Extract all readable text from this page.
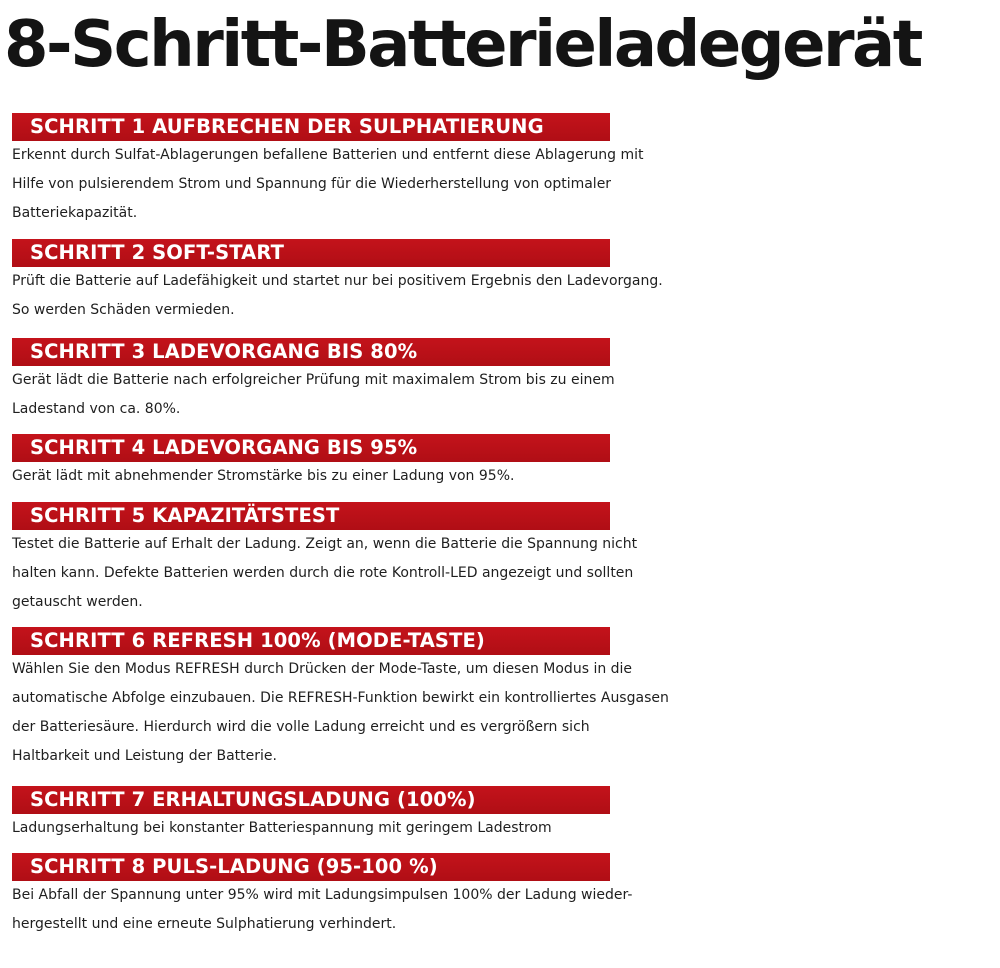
8-Schritt-Batterieladegerät
SCHRITT 1 AUFBRECHEN DER SULPHATIERUNG

Erkennt durch Sulfat-Ablagerungen befallene Batterien und entfernt diese Ablagerung mit
Hilfe von pulsierendem Strom und Spannung für die Wiederherstellung von optimaler
Batteriekapazität.

SCHRITT 2 SOFT-START

Prüft die Batterie auf Ladefähigkeit und startet nur bei positivem Ergebnis den Ladevorgang.
So werden Schäden vermieden.

SCHRITT 3 LADEVORGANG BIS 80%

Gerät lädt die Batterie nach erfolgreicher Prüfung mit maximalem Strom bis zu einem
Ladestand von ca. 80%.

SCHRITT 4 LADEVORGANG BIS 95%

Gerät lädt mit abnehmender Stromstärke bis zu einer Ladung von 95%.

SCHRITT 5 KAPAZITÄTSTEST

Testet die Batterie auf Erhalt der Ladung. Zeigt an, wenn die Batterie die Spannung nicht
halten kann. Defekte Batterien werden durch die rote Kontroll-LED angezeigt und sollten
getauscht werden.

SCHRITT 6 REFRESH 100% (MODE-TASTE)

Wählen Sie den Modus REFRESH durch Drücken der Mode-Taste, um diesen Modus in die
automatische Abfolge einzubauen. Die REFRESH-Funktion bewirkt ein kontrolliertes Ausgasen
der Batteriesäure. Hierdurch wird die volle Ladung erreicht und es vergrößern sich
Haltbarkeit und Leistung der Batterie.

SCHRITT 7 ERHALTUNGSLADUNG (100%)

Ladungserhaltung bei konstanter Batteriespannung mit geringem Ladestrom

SCHRITT 8 PULS-LADUNG (95-100 %)

Bei Abfall der Spannung unter 95% wird mit Ladungsimpulsen 100% der Ladung wieder-
hergestellt und eine erneute Sulphatierung verhindert.
